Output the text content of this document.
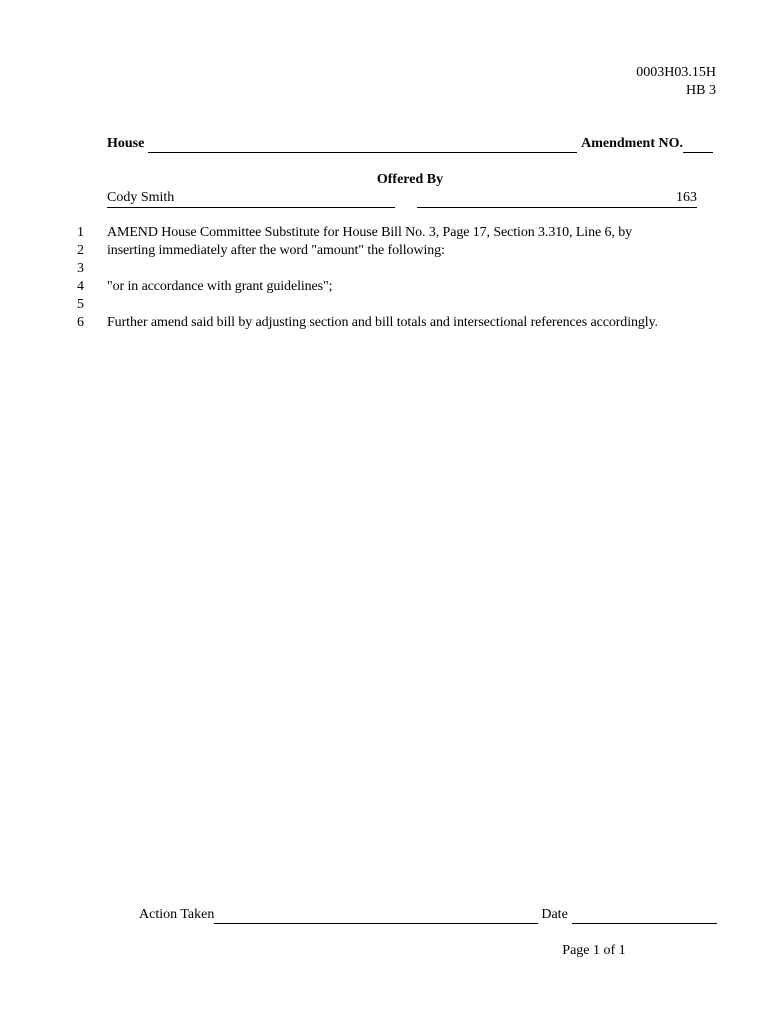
0003H03.15H
HB 3
House	Amendment NO.
Offered By
Cody Smith	163
1 AMEND House Committee Substitute for House Bill No. 3, Page 17, Section 3.310, Line 6, by
2 inserting immediately after the word "amount" the following:
3
4 "or in accordance with grant guidelines";
5
6 Further amend said bill by adjusting section and bill totals and intersectional references accordingly.
Action Taken	Date
Page 1 of 1
